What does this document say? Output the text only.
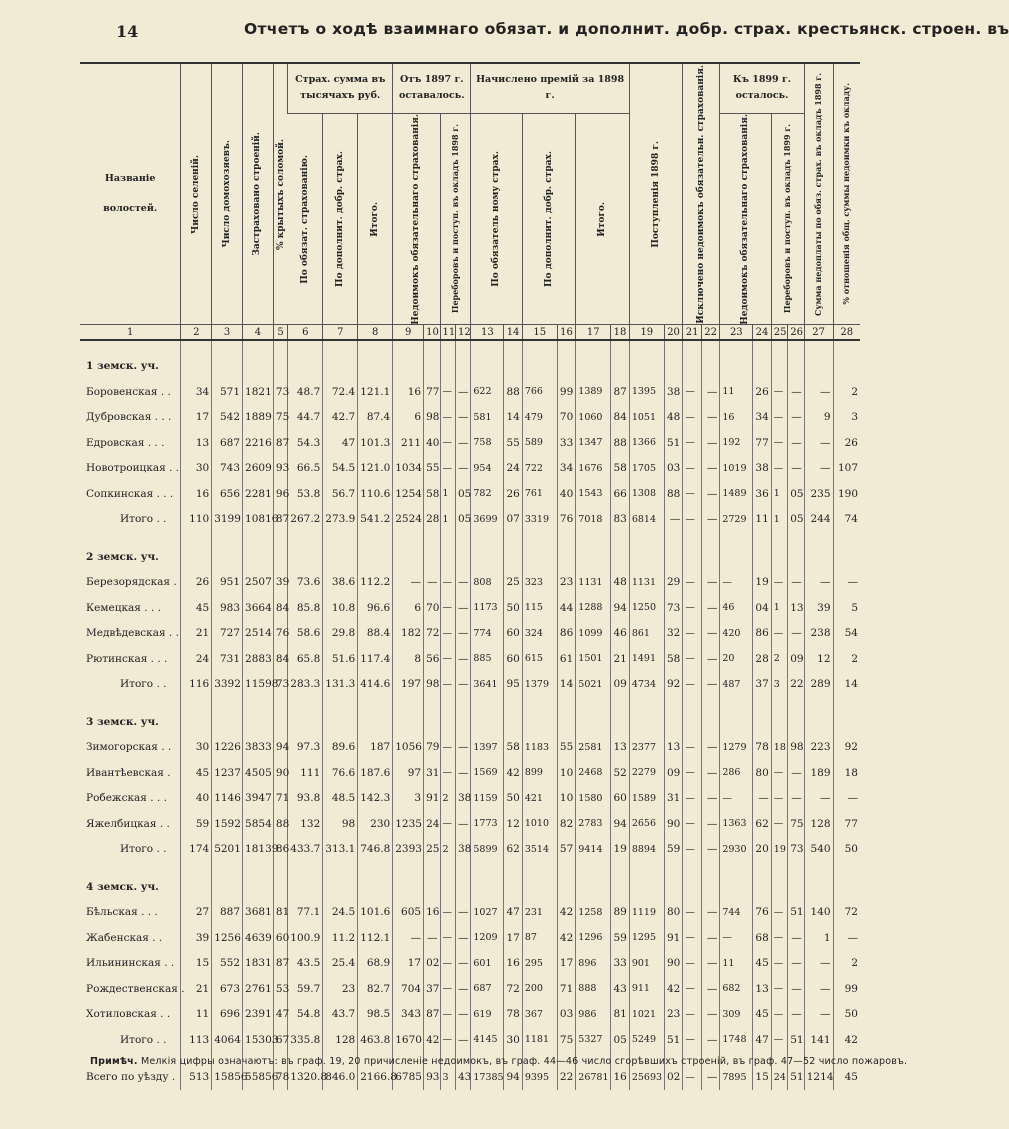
14	Отчетъ о ходѣ взаимнаго обязат. и дополнит. добр. страх. крестьянск. строен. въ
Названіе волостей.	Число селеній.	Число домохозяевъ.	Застраховано строеній.	% крытыхъ соломой.	Страх. сумма въ тысячахъ руб.			Отъ 1897 г. оставалось.				Начислено премій за 1898 г.						Поступленія 1898 г.		Исключено недоимокъ обязательн. страхованія.		Къ 1899 г. осталось.				Сумма недоплаты по обяз. страх. въ окладъ 1898 г.	% отношенія общ. суммы недоимки къ окладу.

					По обязат. страхованію.	По дополнит. добр. страх.	Итого.	Недоимокъ обязательнаго страхованія.		Переборовъ и поступ. въ окладъ 1898 г.		По обязатель ному страх.		По дополнит. добр. страх.		Итого.						Недоимокъ обязательнаго страхованія.		Переборовъ и поступ. въ окладъ 1899 г.			

1	2	3	4	5	6	7	8	9	10	11	12	13	14	15	16	17	18	19	20	21	22	23	24	25	26	27	28

1 земск. уч.																											
Боровенская . .	34	571	1821	73	48.7	72.4	121.1	16	77	—	—	622	88	766	99	1389	87	1395	38	—	—	11	26	—	—	—	2
Дубровская . . .	17	542	1889	75	44.7	42.7	87.4	6	98	—	—	581	14	479	70	1060	84	1051	48	—	—	16	34	—	—	9	3
Едровская . . .	13	687	2216	87	54.3	47	101.3	211	40	—	—	758	55	589	33	1347	88	1366	51	—	—	192	77	—	—	—	26
Новотроицкая . .	30	743	2609	93	66.5	54.5	121.0	1034	55	—	—	954	24	722	34	1676	58	1705	03	—	—	1019	38	—	—	—	107
Сопкинская . . .	16	656	2281	96	53.8	56.7	110.6	1254	58	1	05	782	26	761	40	1543	66	1308	88	—	—	1489	36	1	05	235	190
Итого . .	110	3199	10816	87	267.2	273.9	541.2	2524	28	1	05	3699	07	3319	76	7018	83	6814	—	—	—	2729	11	1	05	244	74

2 земск. уч.																											
Березорядская .	26	951	2507	39	73.6	38.6	112.2	—	—	—	—	808	25	323	23	1131	48	1131	29	—	—	—	19	—	—	—	—
Кемецкая . . .	45	983	3664	84	85.8	10.8	96.6	6	70	—	—	1173	50	115	44	1288	94	1250	73	—	—	46	04	1	13	39	5
Медвѣдевская . .	21	727	2514	76	58.6	29.8	88.4	182	72	—	—	774	60	324	86	1099	46	861	32	—	—	420	86	—	—	238	54
Рютинская . . .	24	731	2883	84	65.8	51.6	117.4	8	56	—	—	885	60	615	61	1501	21	1491	58	—	—	20	28	2	09	12	2
Итого . .	116	3392	11598	73	283.3	131.3	414.6	197	98	—	—	3641	95	1379	14	5021	09	4734	92	—	—	487	37	3	22	289	14

3 земск. уч.																											
Зимогорская . .	30	1226	3833	94	97.3	89.6	187	1056	79	—	—	1397	58	1183	55	2581	13	2377	13	—	—	1279	78	18	98	223	92
Ивантѣевская .	45	1237	4505	90	111	76.6	187.6	97	31	—	—	1569	42	899	10	2468	52	2279	09	—	—	286	80	—	—	189	18
Робежская . . .	40	1146	3947	71	93.8	48.5	142.3	3	91	2	38	1159	50	421	10	1580	60	1589	31	—	—	—	—	—	—	—	—
Яжелбицкая . .	59	1592	5854	88	132	98	230	1235	24	—	—	1773	12	1010	82	2783	94	2656	90	—	—	1363	62	—	75	128	77
Итого . .	174	5201	18139	86	433.7	313.1	746.8	2393	25	2	38	5899	62	3514	57	9414	19	8894	59	—	—	2930	20	19	73	540	50

4 земск. уч.																											
Бѣльская . . .	27	887	3681	81	77.1	24.5	101.6	605	16	—	—	1027	47	231	42	1258	89	1119	80	—	—	744	76	—	51	140	72
Жабенская . .	39	1256	4639	60	100.9	11.2	112.1	—	—	—	—	1209	17	87	42	1296	59	1295	91	—	—	—	68	—	—	1	—
Ильининская . .	15	552	1831	87	43.5	25.4	68.9	17	02	—	—	601	16	295	17	896	33	901	90	—	—	11	45	—	—	—	2
Рождественская .	21	673	2761	53	59.7	23	82.7	704	37	—	—	687	72	200	71	888	43	911	42	—	—	682	13	—	—	—	99
Хотиловская . .	11	696	2391	47	54.8	43.7	98.5	343	87	—	—	619	78	367	03	986	81	1021	23	—	—	309	45	—	—	—	50
Итого . .	113	4064	15303	67	335.8	128	463.8	1670	42	—	—	4145	30	1181	75	5327	05	5249	51	—	—	1748	47	—	51	141	42

Всего по уѣзду .	513	15856	55856	78	1320.8	846.0	2166.8	6785	93	3	43	17385	94	9395	22	26781	16	25693	02	—	—	7895	15	24	51	1214	45
Примѣч. Мелкія цифры означаютъ: въ граф. 19, 20 причисленіе недоимокъ, въ граф. 44—46 число сгорѣвшихъ строеній, въ граф. 47—52 число пожаровъ.
